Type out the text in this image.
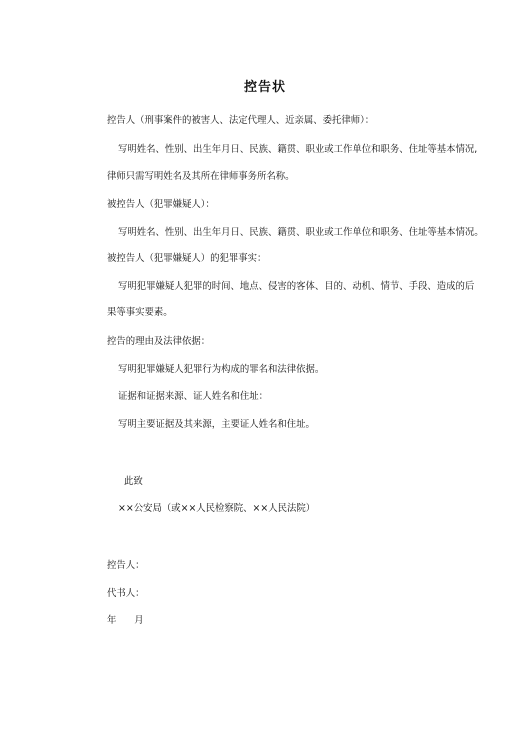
控告状
控告人（刑事案件的被害人、法定代理人、近亲属、委托律师）：
写明姓名、性别、出生年月日、民族、籍贯、职业或工作单位和职务、住址等基本情况,
律师只需写明姓名及其所在律师事务所名称。
被控告人（犯罪嫌疑人）：
写明姓名、性别、出生年月日、民族、籍贯、职业或工作单位和职务、住址等基本情况。
被控告人（犯罪嫌疑人）的犯罪事实：
写明犯罪嫌疑人犯罪的时间、地点、侵害的客体、目的、动机、情节、手段、造成的后
果等事实要素。
控告的理由及法律依据：
写明犯罪嫌疑人犯罪行为构成的罪名和法律依据。
证据和证据来源、证人姓名和住址：
写明主要证据及其来源，主要证人姓名和住址。
此致
××公安局（或××人民检察院、××人民法院）
控告人：
代书人：
年      月
